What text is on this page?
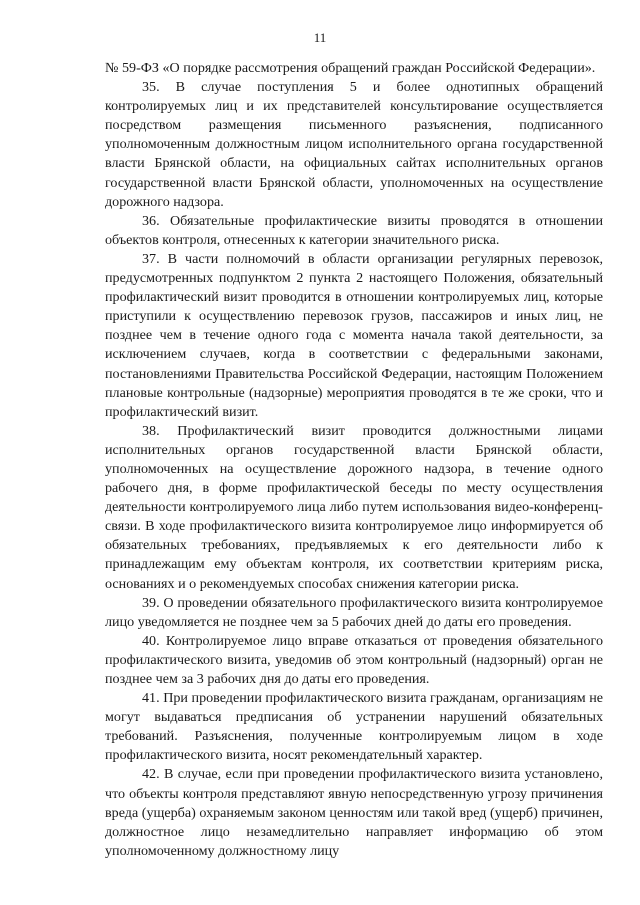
11

№ 59-ФЗ «О порядке рассмотрения обращений граждан Российской Федерации».

35. В случае поступления 5 и более однотипных обращений контролируемых лиц и их представителей консультирование осуществляется посредством размещения письменного разъяснения, подписанного уполномоченным должностным лицом исполнительного органа государственной власти Брянской области, на официальных сайтах исполнительных органов государственной власти Брянской области, уполномоченных на осуществление дорожного надзора.

36. Обязательные профилактические визиты проводятся в отношении объектов контроля, отнесенных к категории значительного риска.

37. В части полномочий в области организации регулярных перевозок, предусмотренных подпунктом 2 пункта 2 настоящего Положения, обязательный профилактический визит проводится в отношении контролируемых лиц, которые приступили к осуществлению перевозок грузов, пассажиров и иных лиц, не позднее чем в течение одного года с момента начала такой деятельности, за исключением случаев, когда в соответствии с федеральными законами, постановлениями Правительства Российской Федерации, настоящим Положением плановые контрольные (надзорные) мероприятия проводятся в те же сроки, что и профилактический визит.

38. Профилактический визит проводится должностными лицами исполнительных органов государственной власти Брянской области, уполномоченных на осуществление дорожного надзора, в течение одного рабочего дня, в форме профилактической беседы по месту осуществления деятельности контролируемого лица либо путем использования видео-конференц-связи. В ходе профилактического визита контролируемое лицо информируется об обязательных требованиях, предъявляемых к его деятельности либо к принадлежащим ему объектам контроля, их соответствии критериям риска, основаниях и о рекомендуемых способах снижения категории риска.

39. О проведении обязательного профилактического визита контролируемое лицо уведомляется не позднее чем за 5 рабочих дней до даты его проведения.

40. Контролируемое лицо вправе отказаться от проведения обязательного профилактического визита, уведомив об этом контрольный (надзорный) орган не позднее чем за 3 рабочих дня до даты его проведения.

41. При проведении профилактического визита гражданам, организациям не могут выдаваться предписания об устранении нарушений обязательных требований. Разъяснения, полученные контролируемым лицом в ходе профилактического визита, носят рекомендательный характер.

42. В случае, если при проведении профилактического визита установлено, что объекты контроля представляют явную непосредственную угрозу причинения вреда (ущерба) охраняемым законом ценностям или такой вред (ущерб) причинен, должностное лицо незамедлительно направляет информацию об этом уполномоченному должностному лицу
